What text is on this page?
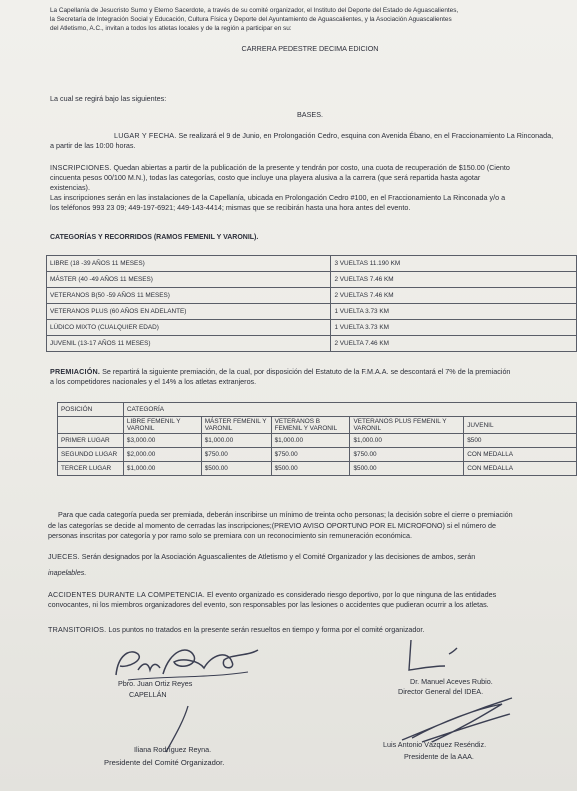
La Capellanía de Jesucristo Sumo y Eterno Sacerdote, a través de su comité organizador, el Instituto del Deporte del Estado de Aguascalientes,
la Secretaría de Integración Social y Educación, Cultura Física y Deporte del Ayuntamiento de Aguascalientes, y la Asociación Aguascalientes
del Atletismo, A.C., invitan a todos los atletas locales y de la región a participar en su:
CARRERA PEDESTRE DECIMA EDICION
La cual se regirá bajo las siguientes:
BASES.
LUGAR Y FECHA. Se realizará el 9 de Junio, en Prolongación Cedro, esquina con Avenida Ébano, en el Fraccionamiento La Rinconada,
a partir de las 10:00 horas.
INSCRIPCIONES. Quedan abiertas a partir de la publicación de la presente y tendrán por costo, una cuota de recuperación de $150.00 (Ciento
cincuenta pesos 00/100 M.N.), todas las categorías, costo que incluye una playera alusiva a la carrera (que será repartida hasta agotar
existencias).
Las inscripciones serán en las instalaciones de la Capellanía, ubicada en Prolongación Cedro #100, en el Fraccionamiento La Rinconada y/o a
los teléfonos 993 23 09; 449-197-6921; 449-143-4414; mismas que se recibirán hasta una hora antes del evento.
CATEGORÍAS Y RECORRIDOS (RAMOS FEMENIL Y VARONIL).
LIBRE (18 -39 AÑOS 11 MESES)	3 VUELTAS 11.190 KM
MÁSTER (40 -49 AÑOS 11 MESES)	2 VUELTAS 7.46 KM
VETERANOS B(50 -59 AÑOS 11 MESES)	2 VUELTAS 7.46 KM
VETERANOS PLUS (60 AÑOS EN ADELANTE)	1 VUELTA 3.73 KM
LÚDICO MIXTO (CUALQUIER EDAD)	1 VUELTA 3.73 KM
JUVENIL (13-17 AÑOS 11 MESES)	2 VUELTA 7.46 KM
PREMIACIÓN. Se repartirá la siguiente premiación, de la cual, por disposición del Estatuto de la F.M.A.A. se descontará el 7% de la premiación
a los competidores nacionales y el 14% a los atletas extranjeros.
POSICIÓN	CATEGORÍA				
	LIBRE FEMENIL Y VARONIL	MÁSTER FEMENIL Y VARONIL	VETERANOS B FEMENIL Y VARONIL	VETERANOS PLUS FEMENIL Y VARONIL	JUVENIL
PRIMER LUGAR	$3,000.00	$1,000.00	$1,000.00	$1,000.00	$500
SEGUNDO LUGAR	$2,000.00	$750.00	$750.00	$750.00	CON MEDALLA
TERCER LUGAR	$1,000.00	$500.00	$500.00	$500.00	CON MEDALLA
Para que cada categoría pueda ser premiada, deberán inscribirse un mínimo de treinta ocho personas; la decisión sobre el cierre o premiación
de las categorías se decide al momento de cerradas las inscripciones;(PREVIO AVISO OPORTUNO POR EL MICROFONO) si el número de
personas inscritas por categoría y por ramo solo se premiara con un reconocimiento sin remuneración económica.
JUECES. Serán designados por la Asociación Aguascalientes de Atletismo y el Comité Organizador y las decisiones de ambos, serán
inapelables.
ACCIDENTES DURANTE LA COMPETENCIA. El evento organizado es considerado riesgo deportivo, por lo que ninguna de las entidades
convocantes, ni los miembros organizadores del evento, son responsables por las lesiones o accidentes que pudieran ocurrir a los atletas.
TRANSITORIOS. Los puntos no tratados en la presente serán resueltos en tiempo y forma por el comité organizador.
Pbro. Juan Ortiz Reyes
CAPELLÁN
Dr. Manuel Aceves Rubio.
Director General del IDEA.
Iliana Rodríguez Reyna.
Presidente del Comité Organizador.
Luis Antonio Vázquez Reséndiz.
Presidente de la AAA.
